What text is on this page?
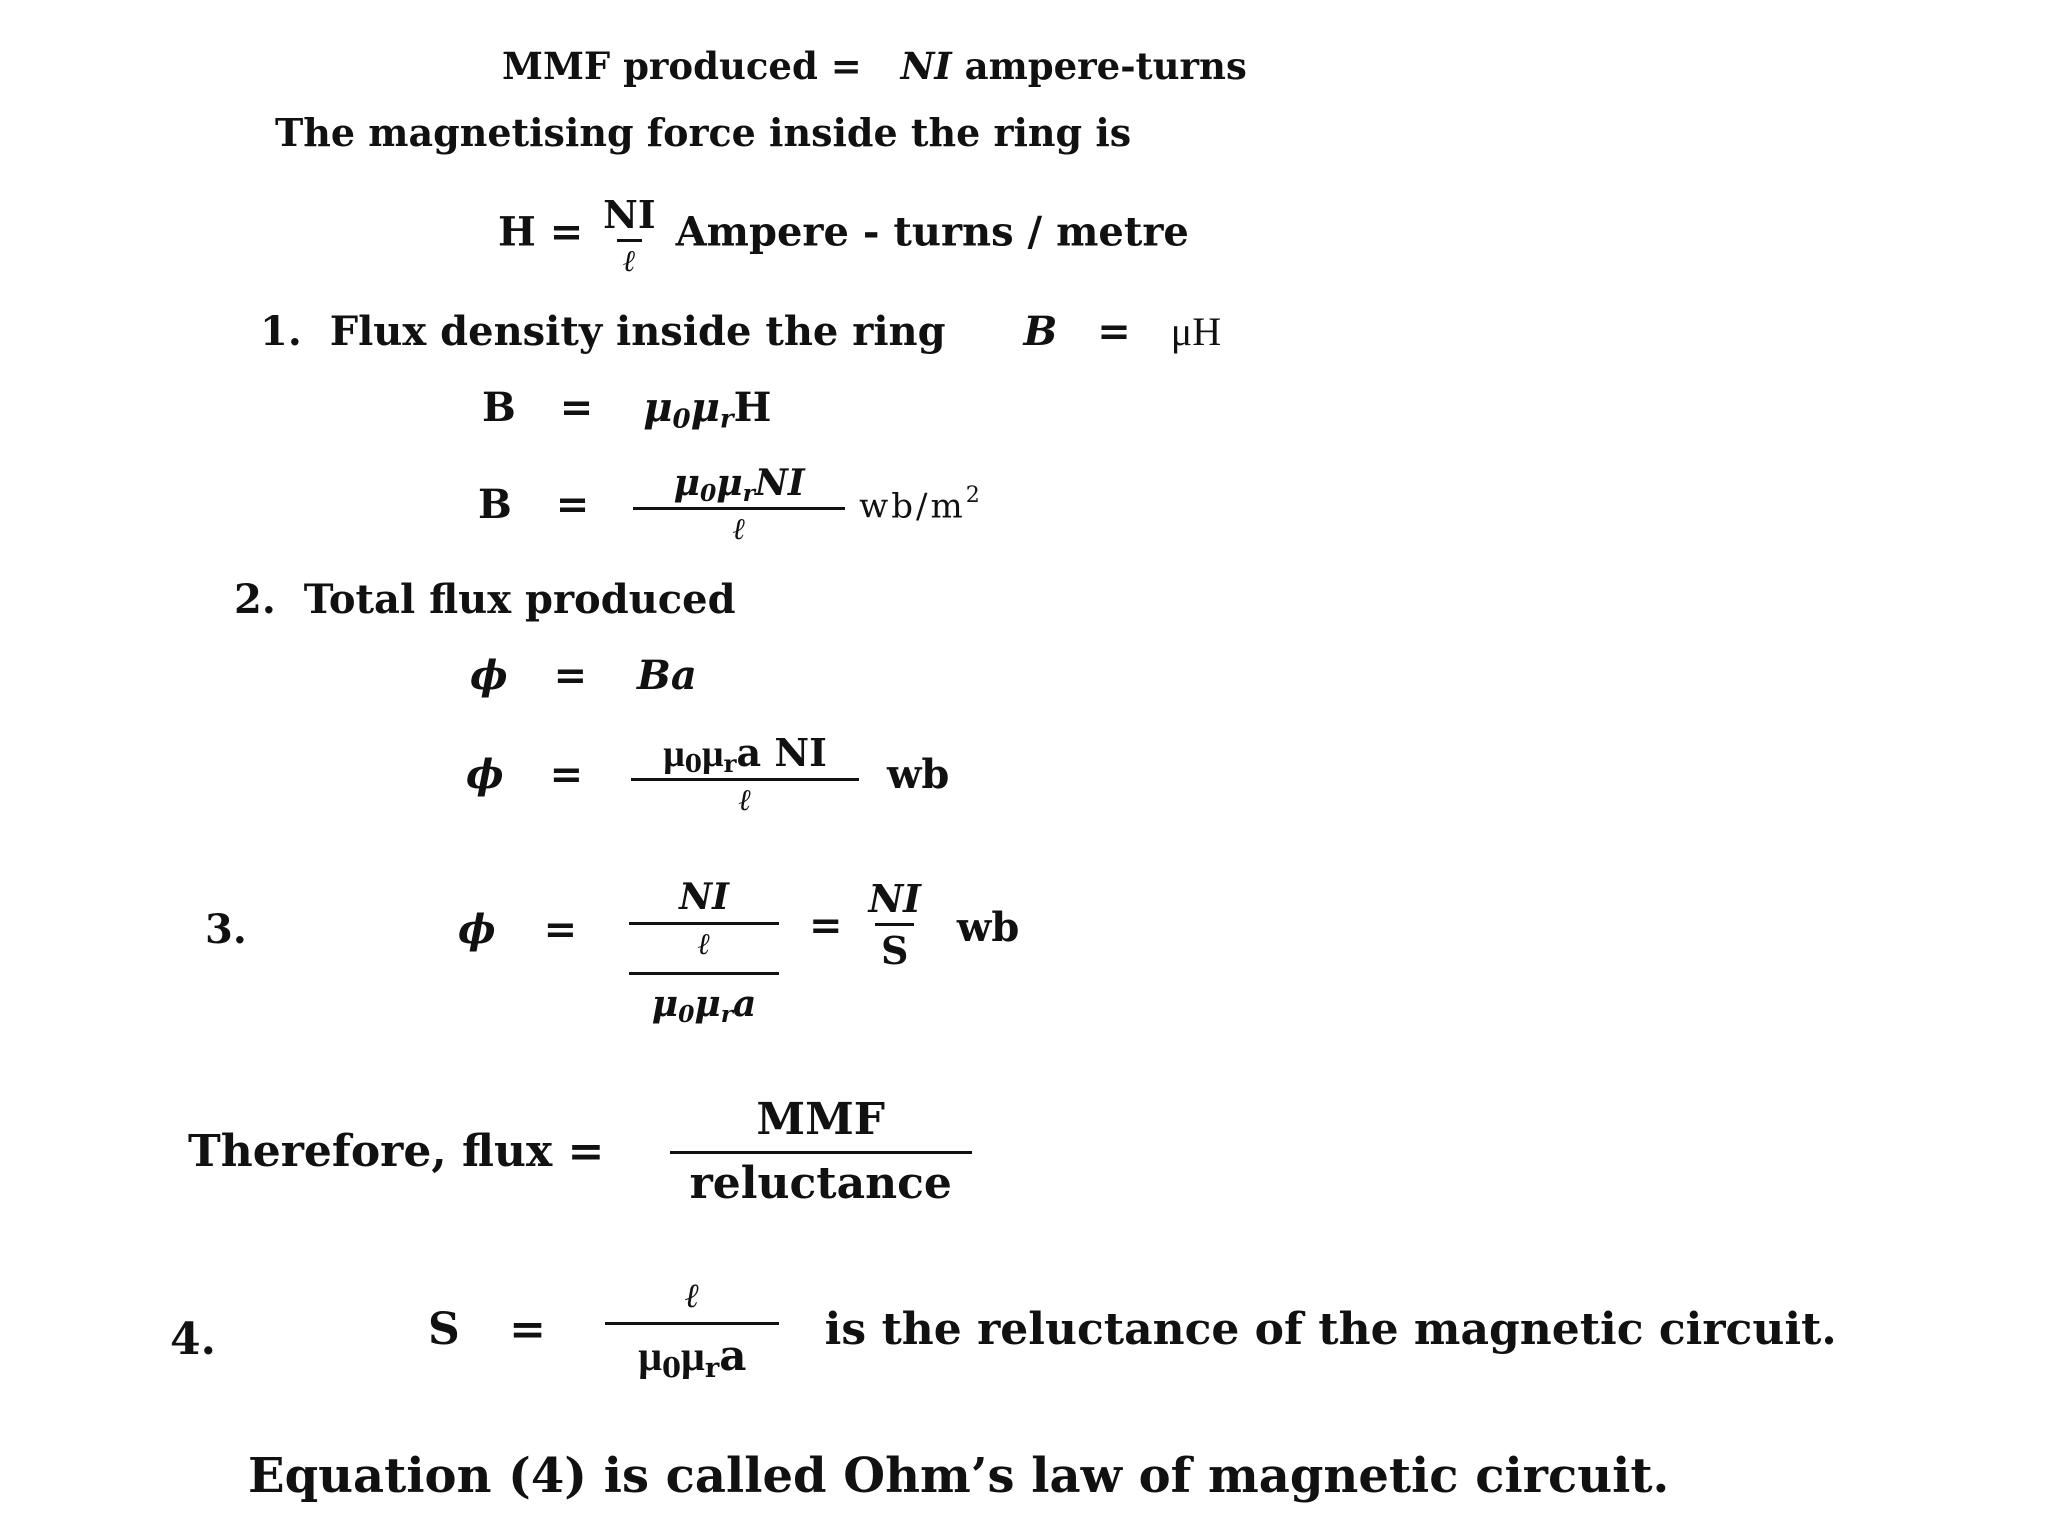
MMF produced = NI ampere-turns
The magnetising force inside the ring is
$H = \frac{NI}{\text{ℓ}}$ Ampere - turns / metre
1. Flux density inside the ring B = μH
$B = \mu_0\mu_rH$
$B = \frac{\mu_0\mu_rNI}{\text{ℓ}} wb/m^2$
2. Total flux produced
ϕ = Ba
$\phi = \frac{\mu_0\mu_ra NI}{\text{ℓ}}$ wb
3.	ϕ =
NI
ℓ
$\mu_0\mu_ra$
= $\frac{NI}{S}$ wb
Therefore, flux = $\frac{\text{MMF}}{\text{reluctance}}$
4.	$S = \frac{\text{ℓ}}{\mu_0\mu_ra}$ is the reluctance of the magnetic circuit.
Equation (4) is called Ohm’s law of magnetic circuit.
